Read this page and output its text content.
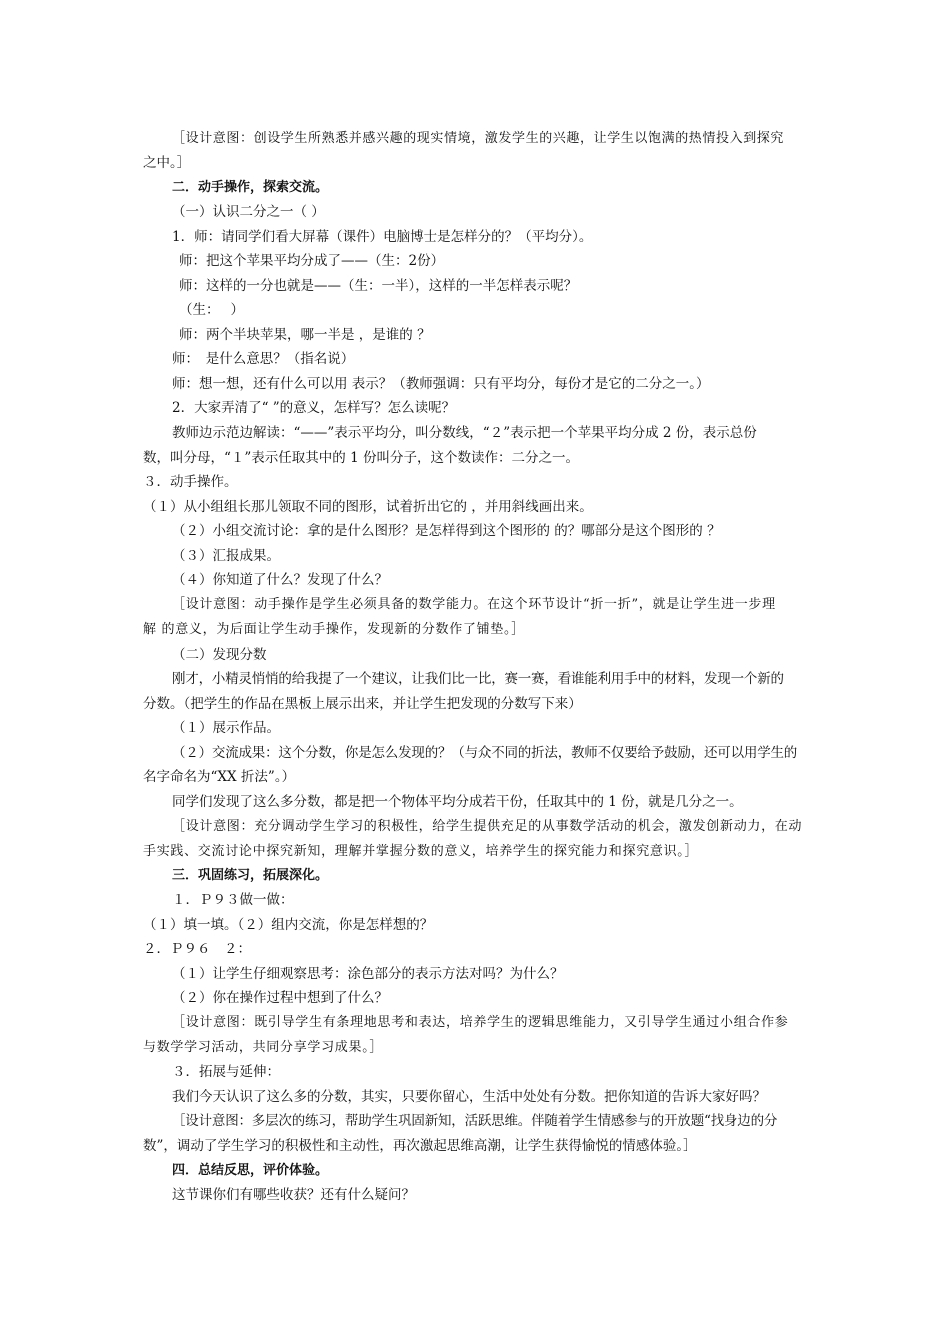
［设计意图：创设学生所熟悉并感兴趣的现实情境，激发学生的兴趣，让学生以饱满的热情投入到探究
之中。］
二．动手操作，探索交流。
（一）认识二分之一（ ）
1．师：请同学们看大屏幕（课件）电脑博士是怎样分的？（平均分）。
师：把这个苹果平均分成了——（生：2份）
师：这样的一分也就是——（生：一半），这样的一半怎样表示呢？
（生：　 ）
师：两个半块苹果，哪一半是 ，是谁的 ？
师：　是什么意思？（指名说）
师：想一想，还有什么可以用 表示？（教师强调：只有平均分，每份才是它的二分之一。）
2．大家弄清了“ ”的意义，怎样写？怎么读呢？
教师边示范边解读：“——”表示平均分，叫分数线，“２”表示把一个苹果平均分成 2 份，表示总份
数，叫分母，“１”表示任取其中的 1 份叫分子，这个数读作：二分之一。
３．动手操作。
（１）从小组组长那儿领取不同的图形，试着折出它的 ，并用斜线画出来。
（２）小组交流讨论：拿的是什么图形？是怎样得到这个图形的 的？哪部分是这个图形的 ？
（３）汇报成果。
（４）你知道了什么？发现了什么？
［设计意图：动手操作是学生必须具备的数学能力。在这个环节设计“折一折”，就是让学生进一步理
解 的意义，为后面让学生动手操作，发现新的分数作了铺垫。］
（二）发现分数
刚才，小精灵悄悄的给我提了一个建议，让我们比一比，赛一赛，看谁能利用手中的材料，发现一个新的
分数。（把学生的作品在黑板上展示出来，并让学生把发现的分数写下来）
（１）展示作品。
（２）交流成果：这个分数，你是怎么发现的？（与众不同的折法，教师不仅要给予鼓励，还可以用学生的
名字命名为“XX 折法”。）
同学们发现了这么多分数，都是把一个物体平均分成若干份，任取其中的 1 份，就是几分之一。
［设计意图：充分调动学生学习的积极性，给学生提供充足的从事数学活动的机会，激发创新动力，在动
手实践、交流讨论中探究新知，理解并掌握分数的意义，培养学生的探究能力和探究意识。］
三．巩固练习，拓展深化。
１．Ｐ９３做一做：
（１）填一填。（２）组内交流，你是怎样想的？
２．Ｐ９６　２：
（１）让学生仔细观察思考：涂色部分的表示方法对吗？为什么？
（２）你在操作过程中想到了什么？
［设计意图：既引导学生有条理地思考和表达，培养学生的逻辑思维能力，又引导学生通过小组合作参
与数学学习活动，共同分享学习成果。］
３．拓展与延伸：
我们今天认识了这么多的分数，其实，只要你留心，生活中处处有分数。把你知道的告诉大家好吗？
［设计意图：多层次的练习，帮助学生巩固新知，活跃思维。伴随着学生情感参与的开放题“找身边的分
数”，调动了学生学习的积极性和主动性，再次激起思维高潮，让学生获得愉悦的情感体验。］
四．总结反思，评价体验。
这节课你们有哪些收获？还有什么疑问？
